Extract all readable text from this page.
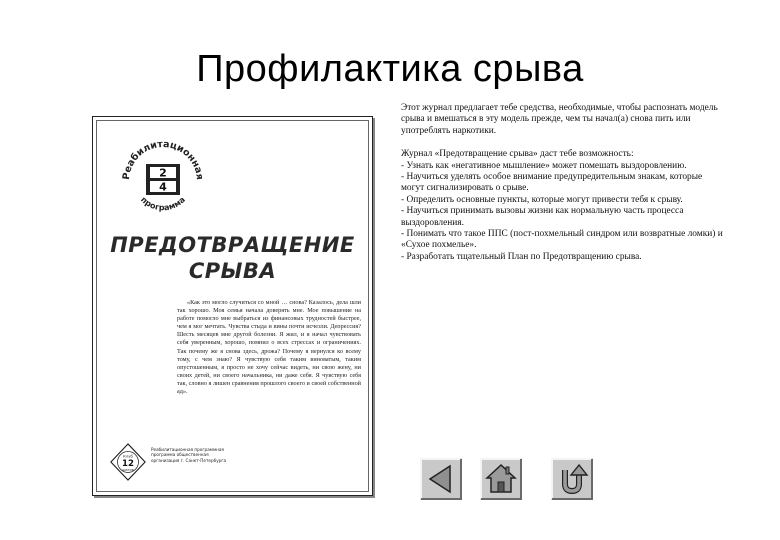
Профилактика срыва
Реабилитационная
2
4
программа
ПРЕДОТВРАЩЕНИЕ
СРЫВА

«Как это могло случиться со мной … снова? Казалось, дела шли так хорошо. Моя семья начала доверять мне. Мое повышение на работе помогло мне выбраться из финансовых трудностей быстрее, чем я мог мечтать. Чувства стыда и вины почти исчезли. Депрессия? Шесть месяцев мне другой болезни. Я жил, и я начал чувствовать себя уверенным, хорошо, помнил о всех стрессах и ограничениях. Так почему же я снова здесь, дрожа? Почему я вернулся ко всему тому, с чем знаю? Я чувствую себя таким виноватым, таким опустошенным, я просто не хочу сейчас видеть, ни свою жену, ни своих детей, ни своего начальника, ни даже себя. Я чувствую себя так, словно я лишен сравнения прошлого своего и своей собственной ад».

Клуб
12
шагов
Реабилитационная программная программа общественная организация г. Санкт-Петербурга

Этот журнал предлагает тебе средства, необходимые, чтобы распознать модель срыва и вмешаться в эту модель прежде, чем ты начал(а) снова пить или употреблять наркотики.

Журнал «Предотвращение срыва» даст тебе возможность:

- Узнать как «негативное мышление» может помешать выздоровлению.

- Научиться уделять особое внимание предупредительным знакам, которые могут сигнализировать о срыве.

- Определить основные пункты, которые могут привести тебя к срыву.

- Научиться принимать вызовы жизни как нормальную часть процесса выздоровления.

- Понимать что такое ППС (пост-похмельный синдром или возвратные ломки) и «Сухое похмелье».

- Разработать тщательный План по Предотвращению срыва.
